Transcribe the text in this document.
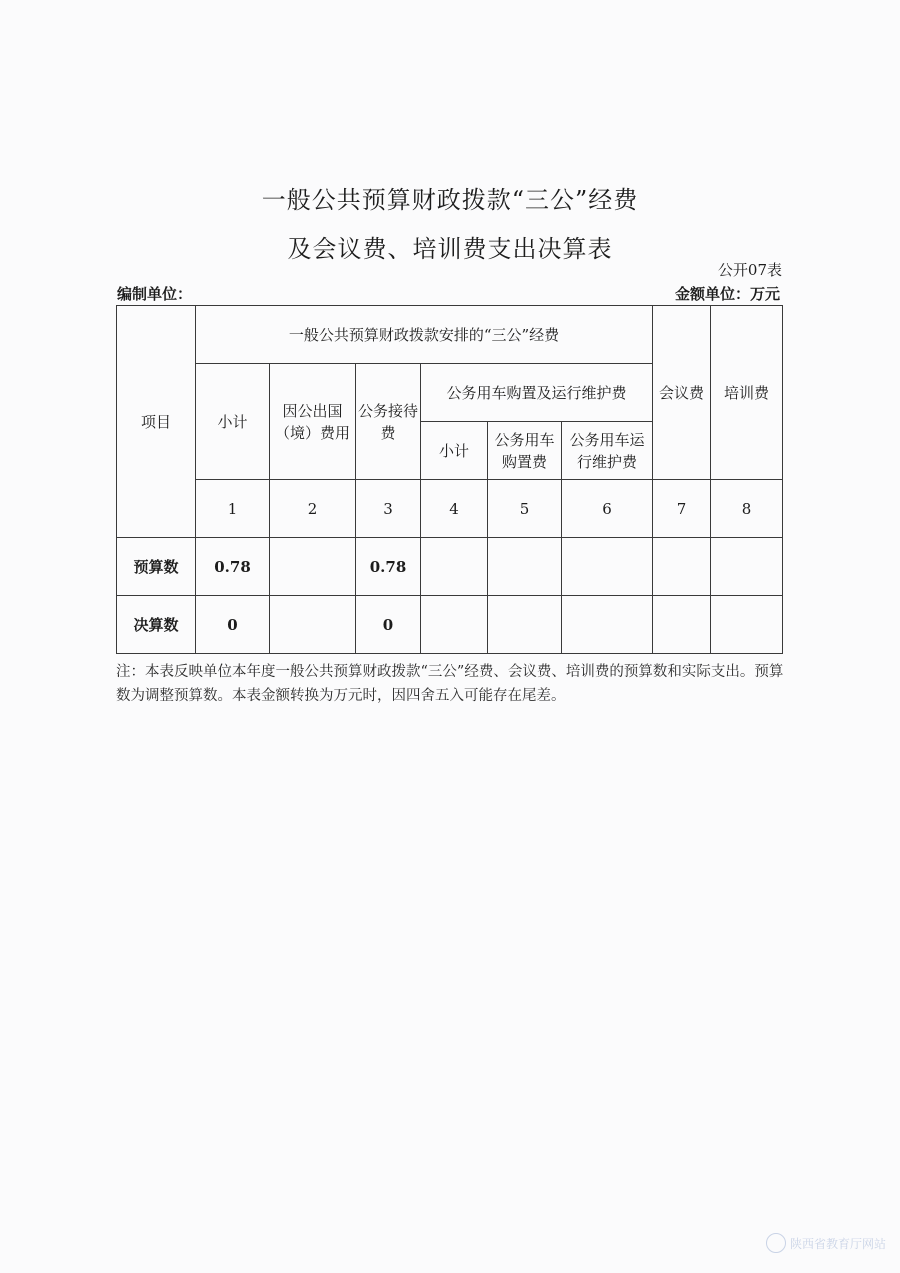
一般公共预算财政拨款“三公”经费
及会议费、培训费支出决算表
公开07表
编制单位：	金额单位：万元
项目	一般公共预算财政拨款安排的“三公”经费						会议费	培训费
	小计	因公出国（境）费用	公务接待费	公务用车购置及运行维护费				
				小计	公务用车购置费	公务用车运行维护费		
	1	2	3	4	5	6	7	8
预算数	0.78		0.78					
决算数	0		0					
注：本表反映单位本年度一般公共预算财政拨款“三公”经费、会议费、培训费的预算数和实际支出。预算数为调整预算数。本表金额转换为万元时，因四舍五入可能存在尾差。
陕西省教育厅网站
